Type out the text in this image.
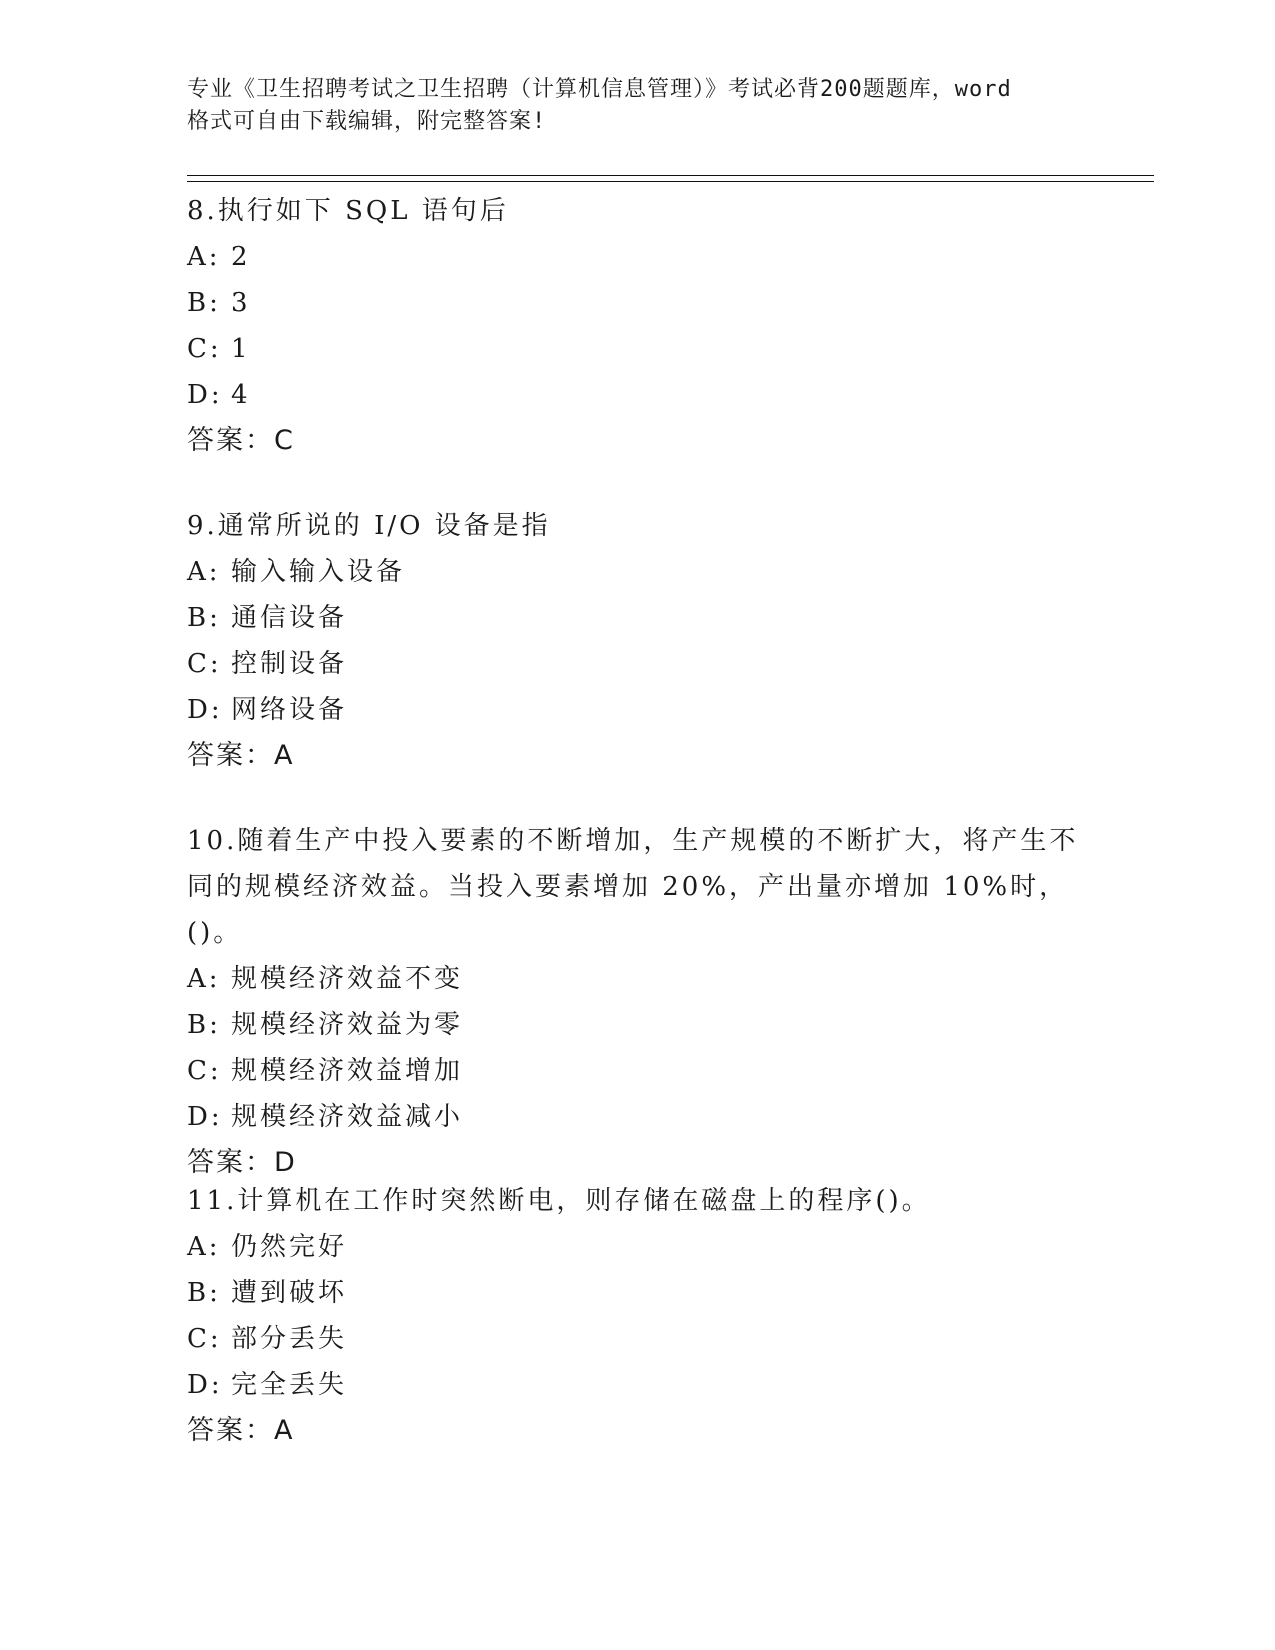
专业《卫生招聘考试之卫生招聘（计算机信息管理）》考试必背200题题库，word
格式可自由下载编辑，附完整答案!
8.执行如下 SQL 语句后
A: 2
B: 3
C: 1
D: 4
答案：C
9.通常所说的 I/O 设备是指
A: 输入输入设备
B: 通信设备
C: 控制设备
D: 网络设备
答案：A
10.随着生产中投入要素的不断增加，生产规模的不断扩大，将产生不同的规模经济效益。当投入要素增加 20%，产出量亦增加 10%时，()。
A: 规模经济效益不变
B: 规模经济效益为零
C: 规模经济效益增加
D: 规模经济效益减小
答案：D
11.计算机在工作时突然断电，则存储在磁盘上的程序()。
A: 仍然完好
B: 遭到破坏
C: 部分丢失
D: 完全丢失
答案：A
